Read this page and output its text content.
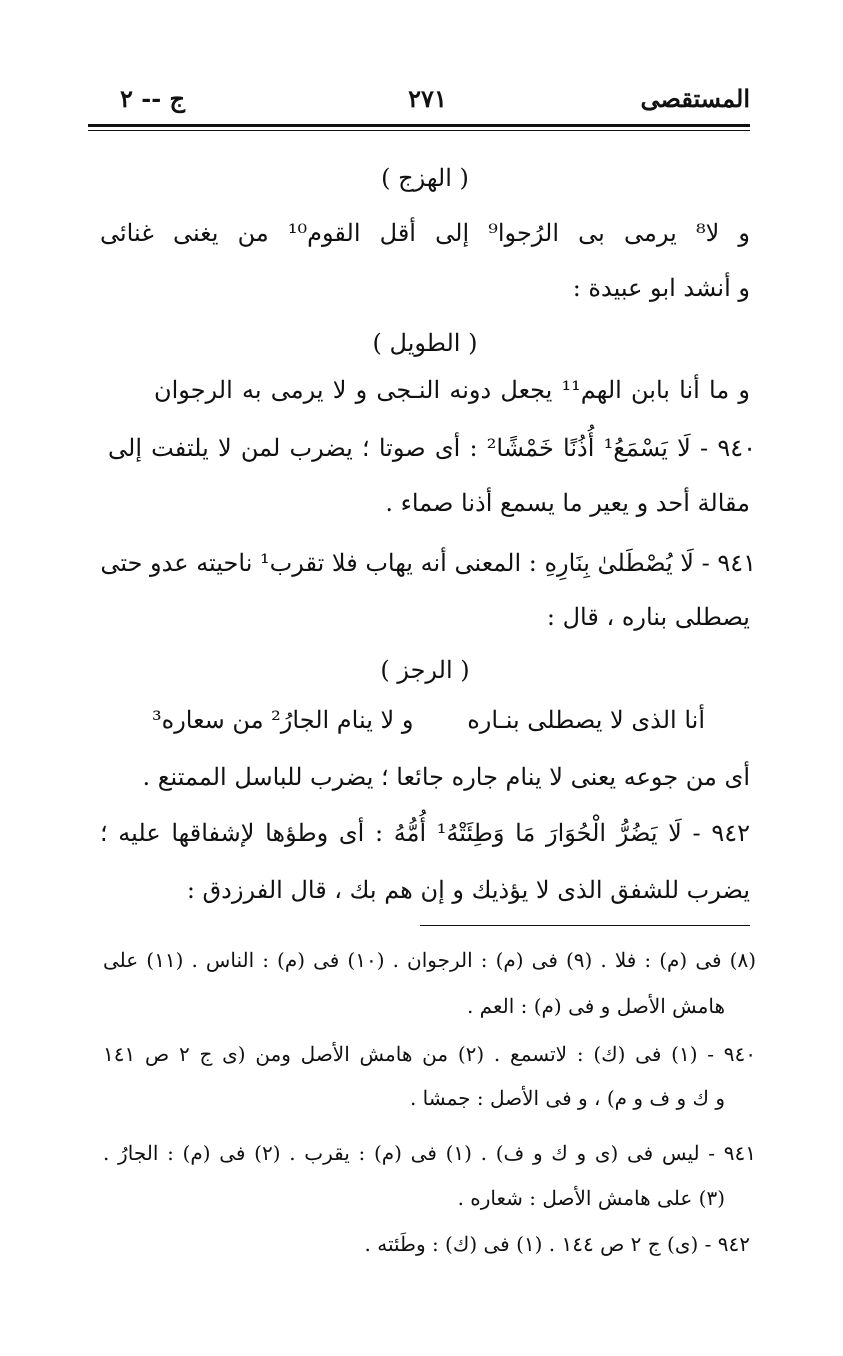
المستقصى
٢٧١
ج -- ٢
( الهزج )
و لا⁸ يرمى بى الرُجوا⁹ إلى أقل القوم¹⁰ من يغنى غنائى
و أنشد ابو عبيدة :
( الطويل )
و ما أنا بابن الهم¹¹ يجعل دونه النـجى و لا يرمى به الرجوان
٩٤٠ - لَا يَسْمَعُ¹ أُذُنًا خَمْشًا² : أى صوتا ؛ يضرب لمن لا يلتفت إلى
مقالة أحد و يعير ما يسمع أذنا صماء .
٩٤١ - لَا يُصْطَلىٰ بِنَارِهِ : المعنى أنه يهاب فلا تقرب¹ ناحيته عدو حتى
يصطلى بناره ، قال :
( الرجز )
أنا الذى لا يصطلى بنـاره
و لا ينام الجارُ² من سعاره³
أى من جوعه يعنى لا ينام جاره جائعا ؛ يضرب للباسل الممتنع .
٩٤٢ - لَا يَضُرُّ الْحُوَارَ مَا وَطِئَتْهُ¹ أُمُّهُ : أى وطؤها لإشفاقها عليه ؛
يضرب للشفق الذى لا يؤذيك و إن هم بك ، قال الفرزدق :
(٨) فى (م) : فلا . (٩) فى (م) : الرجوان . (١٠) فى (م) : الناس . (١١) على
هامش الأصل و فى (م) : العم .
٩٤٠ - (١) فى (ك) : لاتسمع . (٢) من هامش الأصل ومن (ى ج ٢ ص ١٤١
و ك و ف و م) ، و فى الأصل : جمشا .
٩٤١ - ليس فى (ى و ك و ف) . (١) فى (م) : يقرب . (٢) فى (م) : الجارُ .
(٣) على هامش الأصل : شعاره .
٩٤٢ - (ى) ج ٢ ص ١٤٤ . (١) فى (ك) : وطَئته .
